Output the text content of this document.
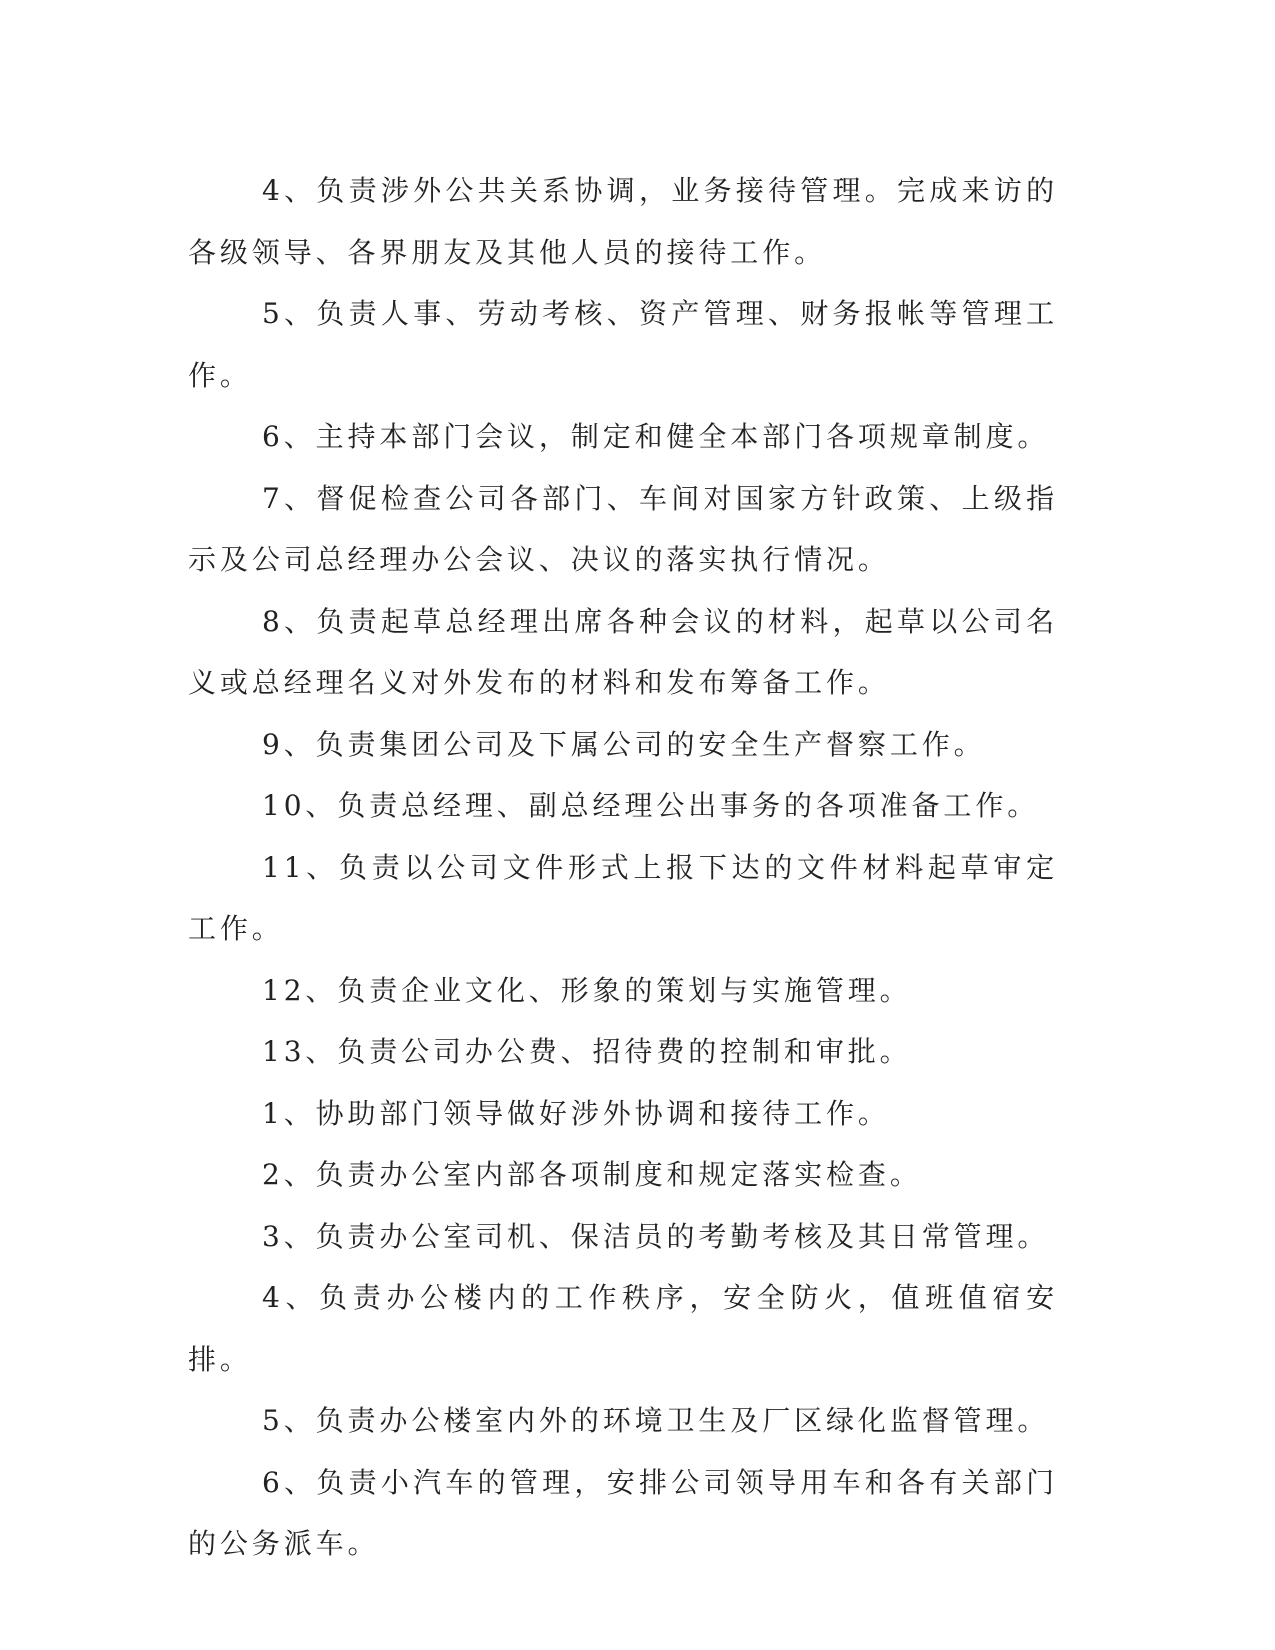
4、负责涉外公共关系协调，业务接待管理。完成来访的各级领导、各界朋友及其他人员的接待工作。

5、负责人事、劳动考核、资产管理、财务报帐等管理工作。

6、主持本部门会议，制定和健全本部门各项规章制度。

7、督促检查公司各部门、车间对国家方针政策、上级指示及公司总经理办公会议、决议的落实执行情况。

8、负责起草总经理出席各种会议的材料，起草以公司名义或总经理名义对外发布的材料和发布筹备工作。

9、负责集团公司及下属公司的安全生产督察工作。

10、负责总经理、副总经理公出事务的各项准备工作。

11、负责以公司文件形式上报下达的文件材料起草审定工作。

12、负责企业文化、形象的策划与实施管理。

13、负责公司办公费、招待费的控制和审批。

1、协助部门领导做好涉外协调和接待工作。

2、负责办公室内部各项制度和规定落实检查。

3、负责办公室司机、保洁员的考勤考核及其日常管理。

4、负责办公楼内的工作秩序，安全防火，值班值宿安排。

5、负责办公楼室内外的环境卫生及厂区绿化监督管理。

6、负责小汽车的管理，安排公司领导用车和各有关部门的公务派车。
